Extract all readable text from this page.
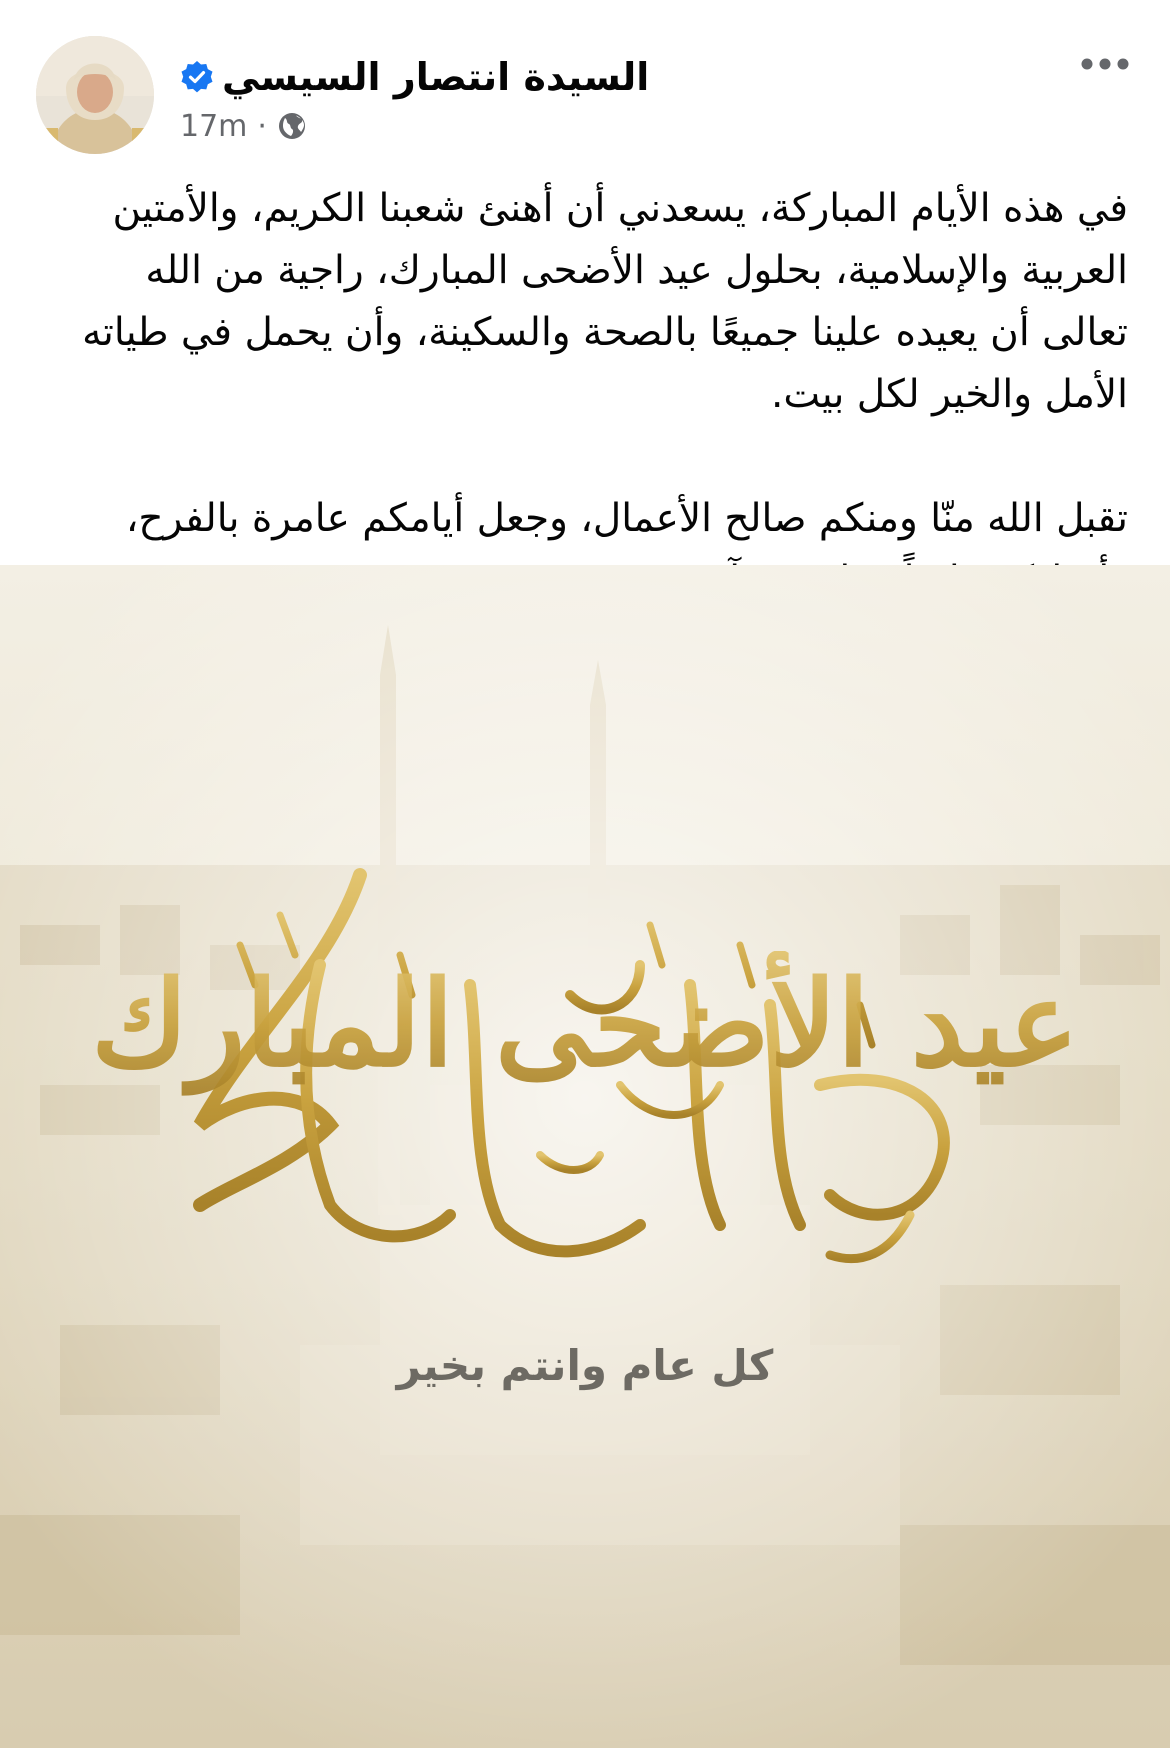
السيدة انتصار السيسي
17m ·

في هذه الأيام المباركة، يسعدني أن أهنئ شعبنا الكريم، والأمتين العربية والإسلامية، بحلول عيد الأضحى المبارك، راجية من الله تعالى أن يعيده علينا جميعًا بالصحة والسكينة، وأن يحمل في طياته الأمل والخير لكل بيت.

تقبل الله منّا ومنكم صالح الأعمال، وجعل أيامكم عامرة بالفرح،

عيد الأضحى المبارك
كل عام وانتم بخير
